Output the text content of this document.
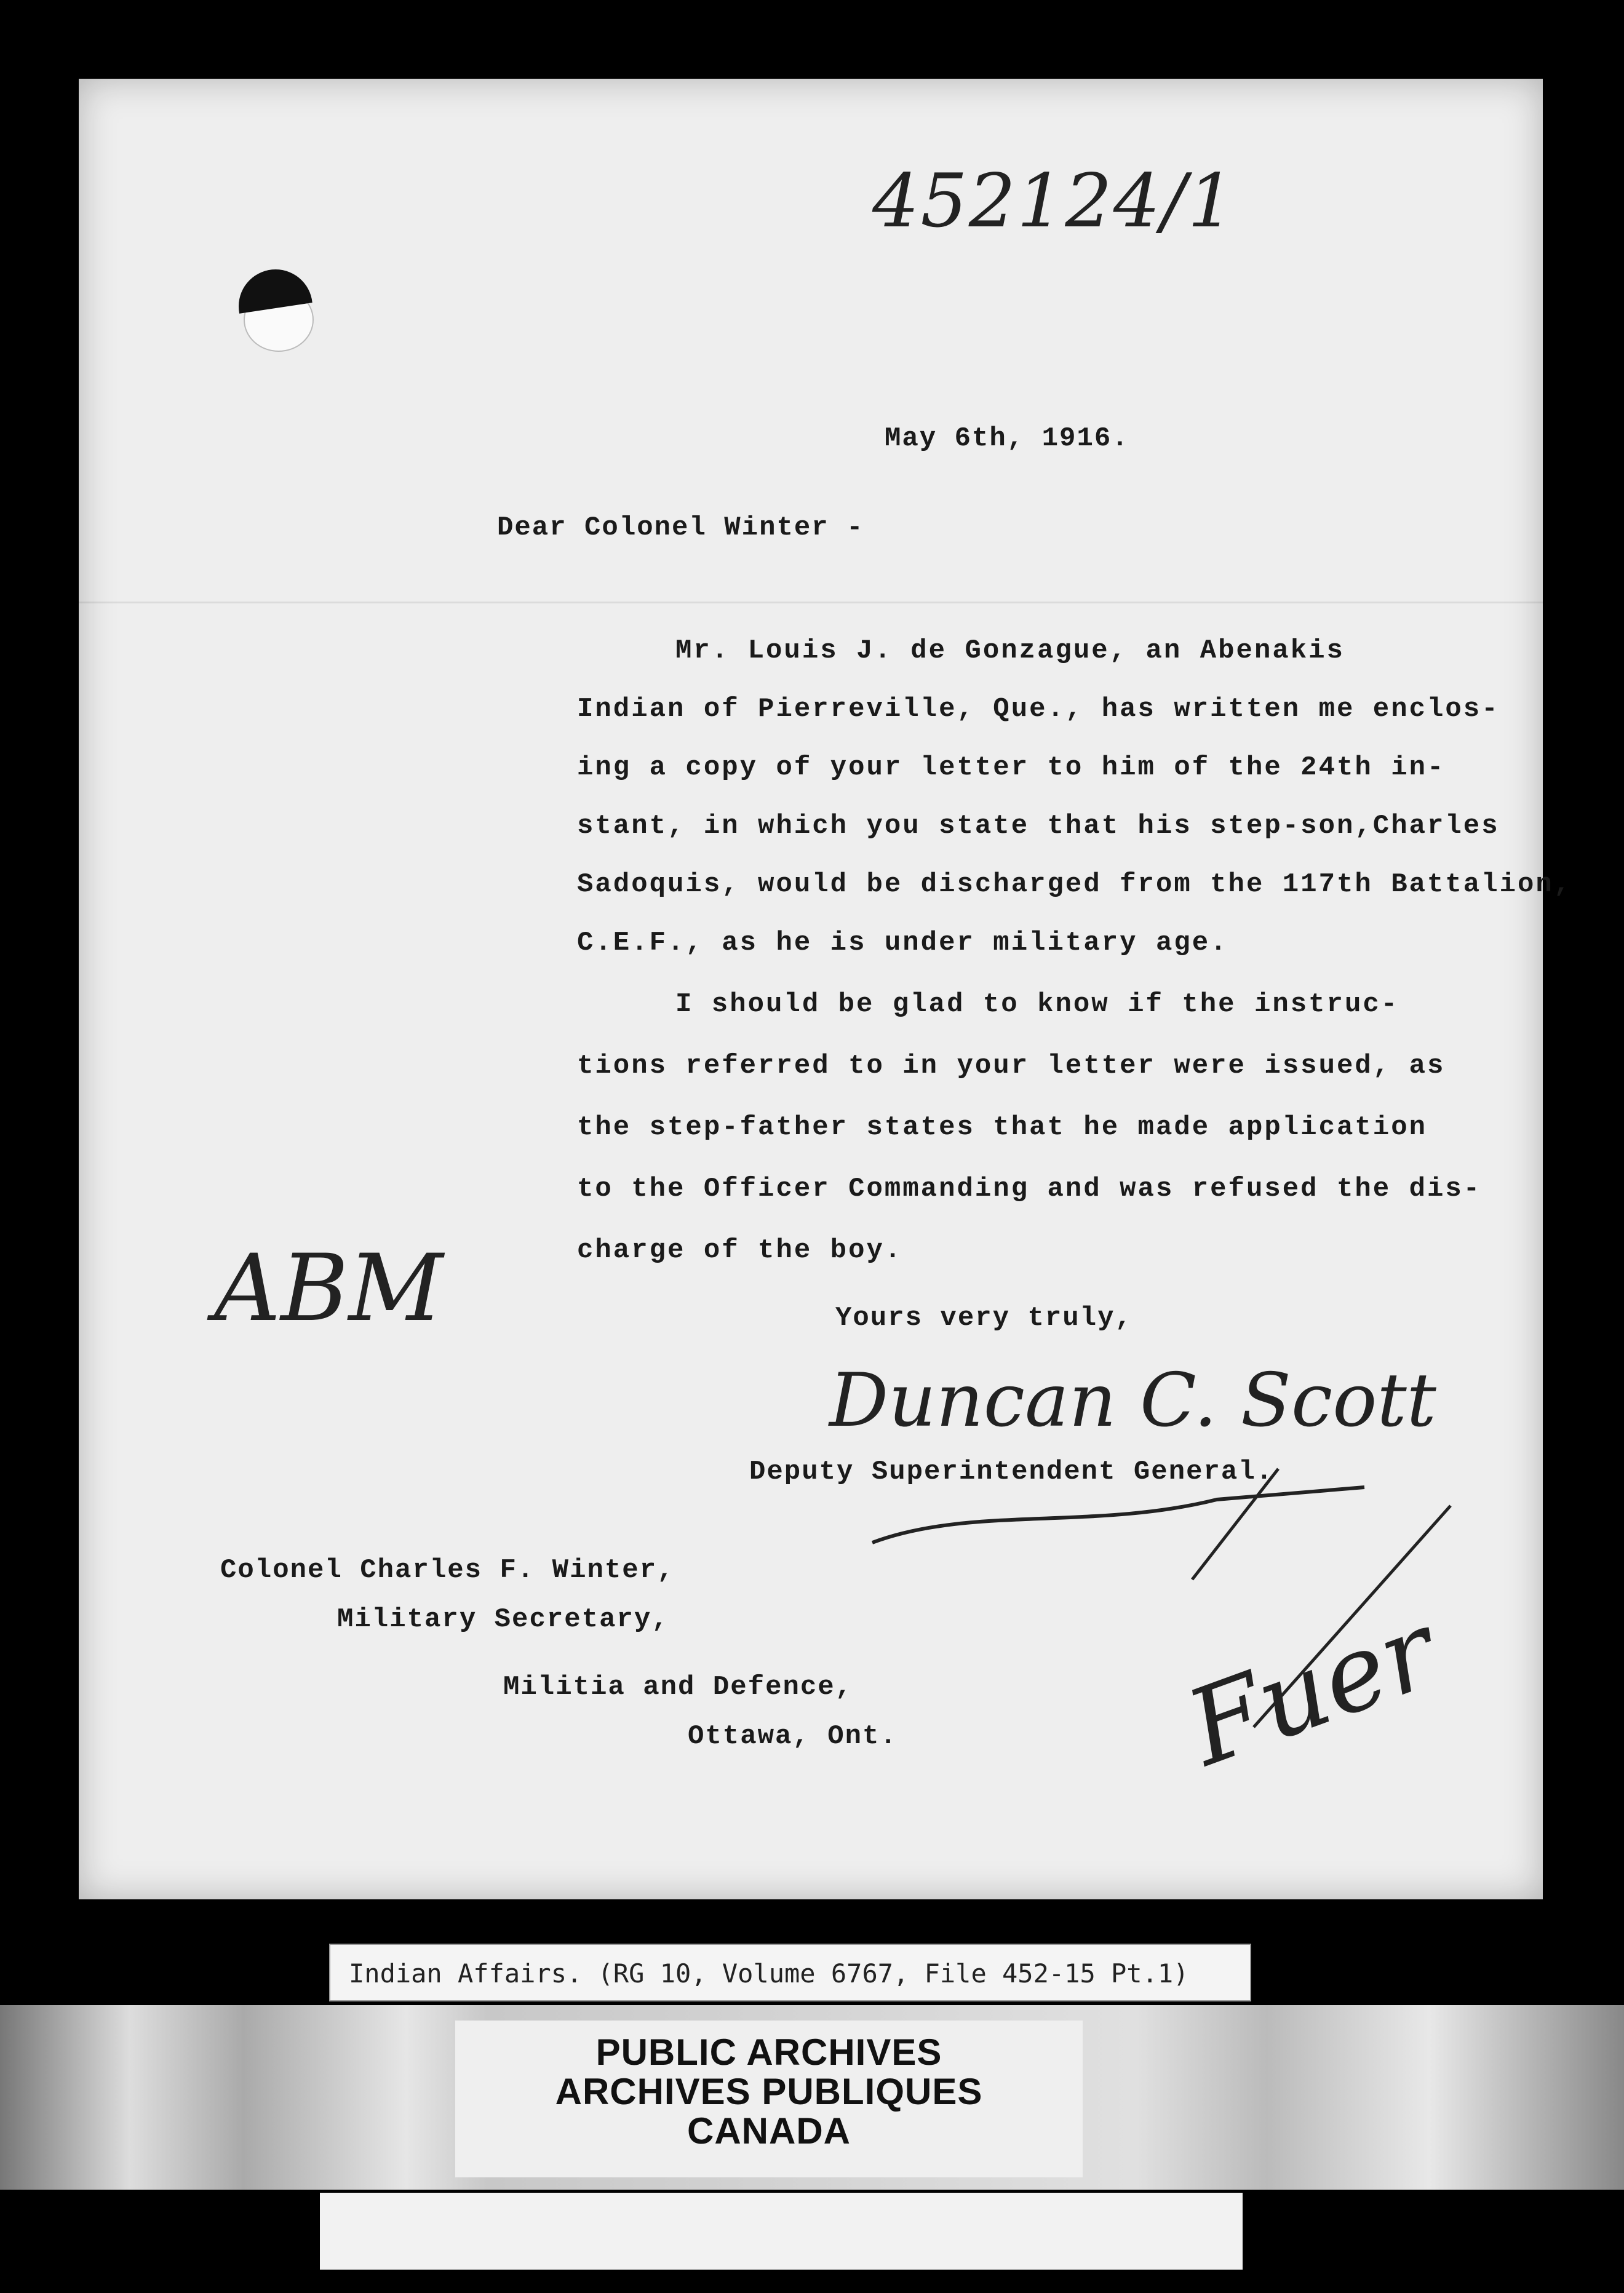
452124/1
May 6th, 1916.
Dear Colonel Winter -
Mr. Louis J. de Gonzague, an Abenakis
Indian of Pierreville, Que., has written me enclos-
ing a copy of your letter to him of the 24th in-
stant, in which you state that his step-son,Charles
Sadoquis, would be discharged from the 117th Battalion,
C.E.F., as he is under military age.
I should be glad to know if the instruc-
tions referred to in your letter were issued, as
the step-father states that he made application
to the Officer Commanding and was refused the dis-
charge of the boy.
ABM	Yours very truly,
Duncan C. Scott
Deputy Superintendent General.
Colonel Charles F. Winter,
Military Secretary,
Militia and Defence,
Ottawa, Ont.	Fuer
Indian Affairs. (RG 10, Volume 6767, File 452-15 Pt.1)
PUBLIC ARCHIVES
ARCHIVES PUBLIQUES
CANADA
